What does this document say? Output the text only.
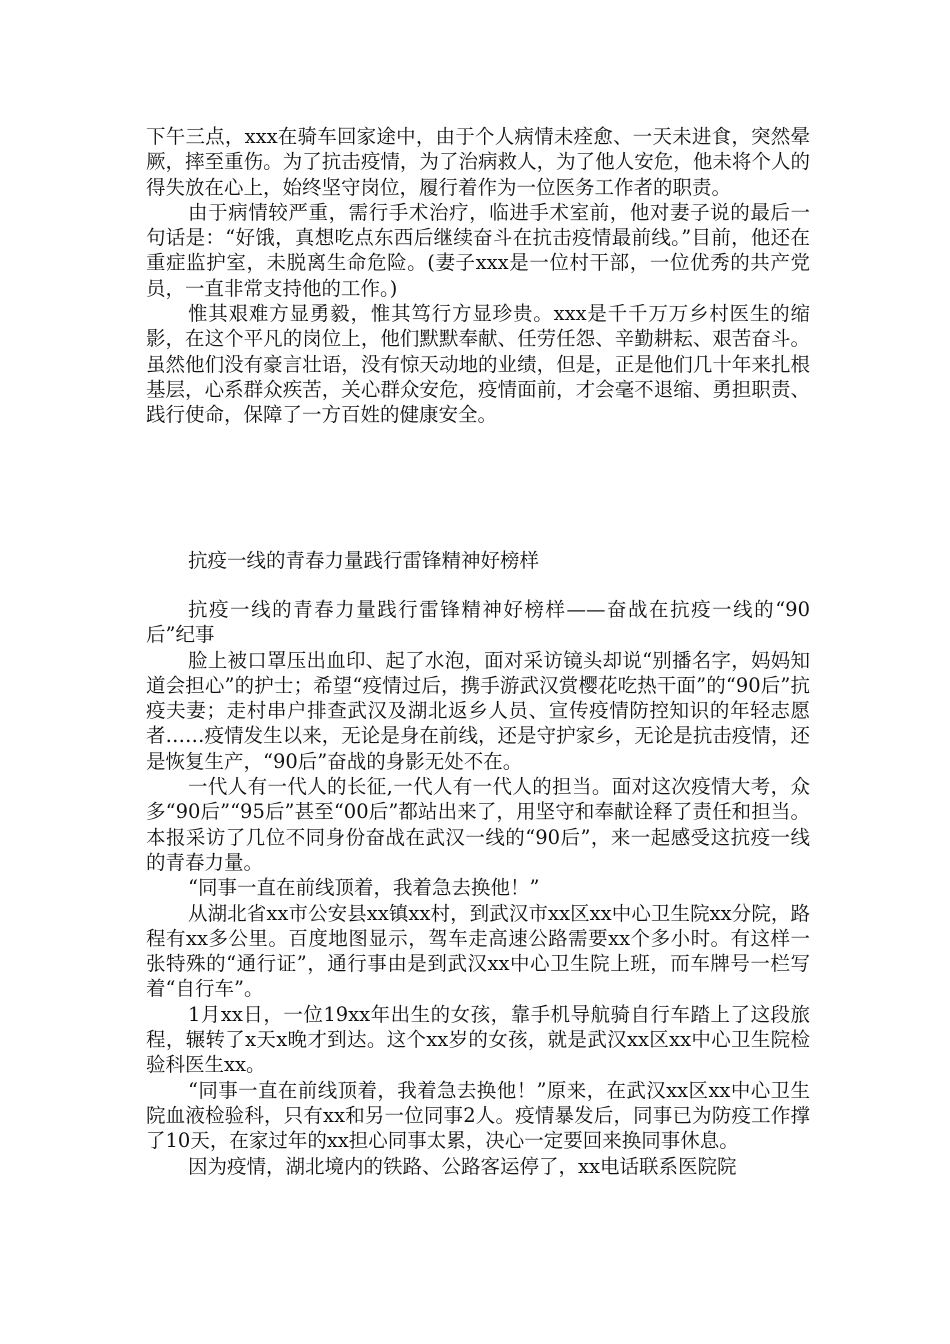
下午三点，xxx在骑车回家途中，由于个人病情未痊愈、一天未进食，突然晕厥，摔至重伤。为了抗击疫情，为了治病救人，为了他人安危，他未将个人的得失放在心上，始终坚守岗位，履行着作为一位医务工作者的职责。

由于病情较严重，需行手术治疗，临进手术室前，他对妻子说的最后一句话是：“好饿，真想吃点东西后继续奋斗在抗击疫情最前线。”目前，他还在重症监护室，未脱离生命危险。(妻子xxx是一位村干部，一位优秀的共产党员，一直非常支持他的工作。)

惟其艰难方显勇毅，惟其笃行方显珍贵。xxx是千千万万乡村医生的缩影，在这个平凡的岗位上，他们默默奉献、任劳任怨、辛勤耕耘、艰苦奋斗。虽然他们没有豪言壮语，没有惊天动地的业绩，但是，正是他们几十年来扎根基层，心系群众疾苦，关心群众安危，疫情面前，才会毫不退缩、勇担职责、践行使命，保障了一方百姓的健康安全。

抗疫一线的青春力量践行雷锋精神好榜样

抗疫一线的青春力量践行雷锋精神好榜样——奋战在抗疫一线的“90后”纪事

脸上被口罩压出血印、起了水泡，面对采访镜头却说“别播名字，妈妈知道会担心”的护士；希望“疫情过后，携手游武汉赏樱花吃热干面”的“90后”抗疫夫妻；走村串户排查武汉及湖北返乡人员、宣传疫情防控知识的年轻志愿者……疫情发生以来，无论是身在前线，还是守护家乡，无论是抗击疫情，还是恢复生产，“90后”奋战的身影无处不在。

一代人有一代人的长征,一代人有一代人的担当。面对这次疫情大考，众多“90后”“95后”甚至“00后”都站出来了，用坚守和奉献诠释了责任和担当。本报采访了几位不同身份奋战在武汉一线的“90后”，来一起感受这抗疫一线的青春力量。

“同事一直在前线顶着，我着急去换他！”

从湖北省xx市公安县xx镇xx村，到武汉市xx区xx中心卫生院xx分院，路程有xx多公里。百度地图显示，驾车走高速公路需要xx个多小时。有这样一张特殊的“通行证”，通行事由是到武汉xx中心卫生院上班，而车牌号一栏写着“自行车”。

1月xx日，一位19xx年出生的女孩，靠手机导航骑自行车踏上了这段旅程，辗转了x天x晚才到达。这个xx岁的女孩，就是武汉xx区xx中心卫生院检验科医生xx。

“同事一直在前线顶着，我着急去换他！”原来，在武汉xx区xx中心卫生院血液检验科，只有xx和另一位同事2人。疫情暴发后，同事已为防疫工作撑了10天，在家过年的xx担心同事太累，决心一定要回来换同事休息。

因为疫情，湖北境内的铁路、公路客运停了，xx电话联系医院院
